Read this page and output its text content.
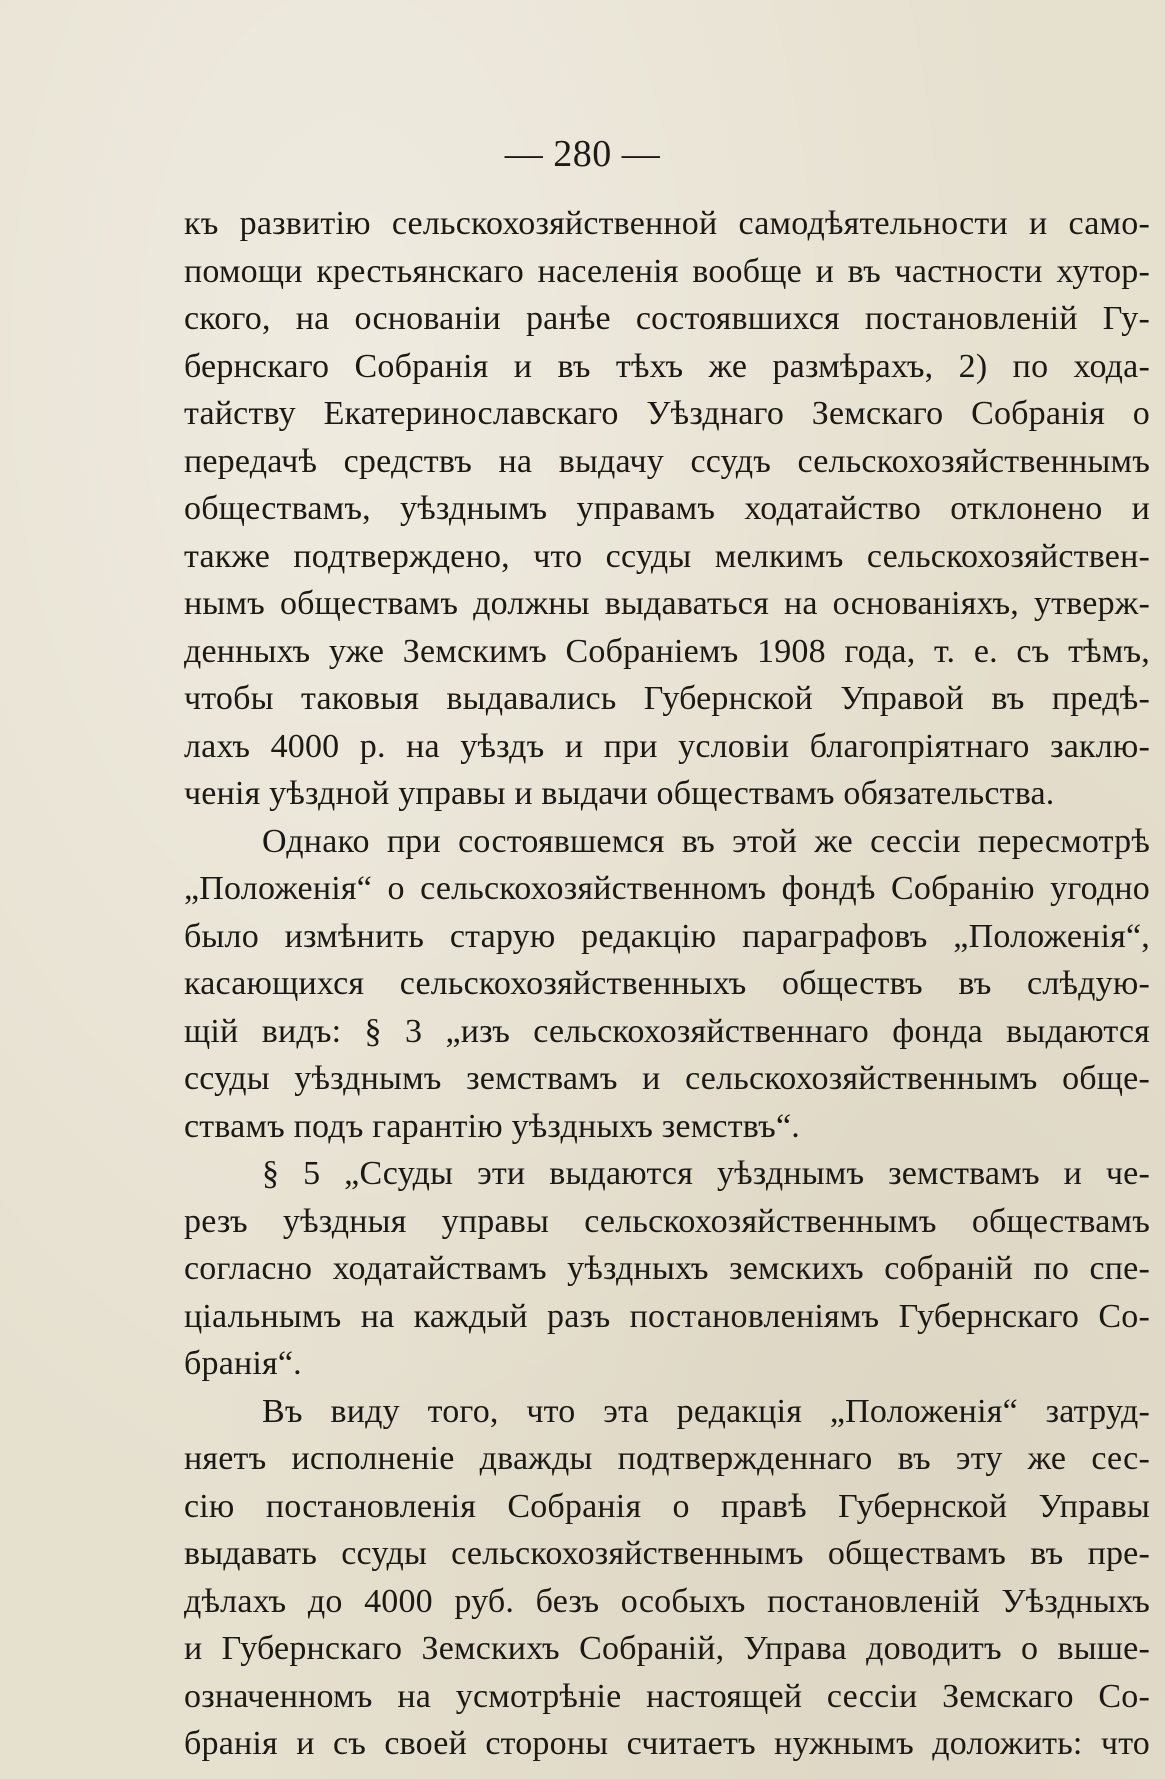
— 280 —
къ развитію сельскохозяйственной самодѣятельности и само-
помощи крестьянскаго населенія вообще и въ частности хутор-
ского, на основаніи ранѣе состоявшихся постановленій Гу-
бернскаго Собранія и въ тѣхъ же размѣрахъ, 2) по хода-
тайству Екатеринославскаго Уѣзднаго Земскаго Собранія о
передачѣ средствъ на выдачу ссудъ сельскохозяйственнымъ
обществамъ, уѣзднымъ управамъ ходатайство отклонено и
также подтверждено, что ссуды мелкимъ сельскохозяйствен-
нымъ обществамъ должны выдаваться на основаніяхъ, утверж-
денныхъ уже Земскимъ Собраніемъ 1908 года, т. е. съ тѣмъ,
чтобы таковыя выдавались Губернской Управой въ предѣ-
лахъ 4000 р. на уѣздъ и при условіи благопріятнаго заклю-
ченія уѣздной управы и выдачи обществамъ обязательства.
Однако при состоявшемся въ этой же сессіи пересмотрѣ
„Положенія“ о сельскохозяйственномъ фондѣ Собранію угодно
было измѣнить старую редакцію параграфовъ „Положенія“,
касающихся сельскохозяйственныхъ обществъ въ слѣдую-
щій видъ: § 3 „изъ сельскохозяйственнаго фонда выдаются
ссуды уѣзднымъ земствамъ и сельскохозяйственнымъ обще-
ствамъ подъ гарантію уѣздныхъ земствъ“.
§ 5 „Ссуды эти выдаются уѣзднымъ земствамъ и че-
резъ уѣздныя управы сельскохозяйственнымъ обществамъ
согласно ходатайствамъ уѣздныхъ земскихъ собраній по спе-
ціальнымъ на каждый разъ постановленіямъ Губернскаго Со-
бранія“.
Въ виду того, что эта редакція „Положенія“ затруд-
няетъ исполненіе дважды подтвержденнаго въ эту же сес-
сію постановленія Собранія о правѣ Губернской Управы
выдавать ссуды сельскохозяйственнымъ обществамъ въ пре-
дѣлахъ до 4000 руб. безъ особыхъ постановленій Уѣздныхъ
и Губернскаго Земскихъ Собраній, Управа доводитъ о выше-
означенномъ на усмотрѣніе настоящей сессіи Земскаго Со-
бранія и съ своей стороны считаетъ нужнымъ доложить: что
